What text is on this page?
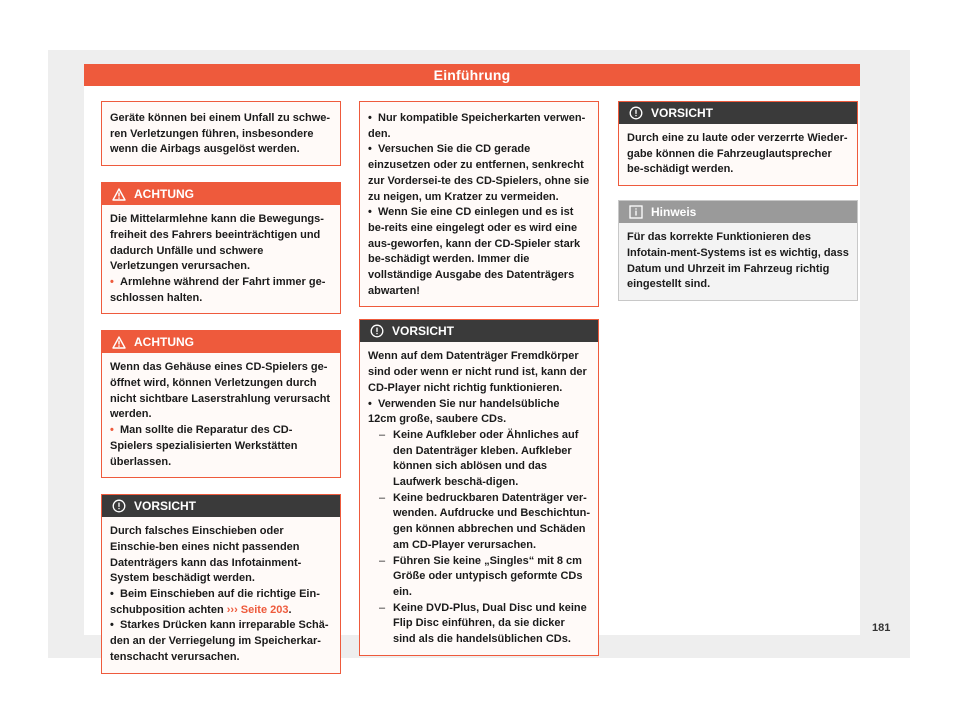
Einführung

Geräte können bei einem Unfall zu schwe-ren Verletzungen führen, insbesondere wenn die Airbags ausgelöst werden.

ACHTUNG

Die Mittelarmlehne kann die Bewegungs-freiheit des Fahrers beeinträchtigen und dadurch Unfälle und schwere Verletzungen verursachen.

• Armlehne während der Fahrt immer ge-schlossen halten.
ACHTUNG

Wenn das Gehäuse eines CD-Spielers ge-öffnet wird, können Verletzungen durch nicht sichtbare Laserstrahlung verursacht werden.

• Man sollte die Reparatur des CD-Spielers spezialisierten Werkstätten überlassen.
VORSICHT

Durch falsches Einschieben oder Einschie-ben eines nicht passenden Datenträgers kann das Infotainment-System beschädigt werden.

• Beim Einschieben auf die richtige Ein-schubposition achten ››› Seite 203.
• Starkes Drücken kann irreparable Schä-den an der Verriegelung im Speicherkar-tenschacht verursachen.
• Nur kompatible Speicherkarten verwen-den.
• Versuchen Sie die CD gerade einzusetzen oder zu entfernen, senkrecht zur Vordersei-te des CD-Spielers, ohne sie zu neigen, um Kratzer zu vermeiden.
• Wenn Sie eine CD einlegen und es ist be-reits eine eingelegt oder es wird eine aus-geworfen, kann der CD-Spieler stark be-schädigt werden. Immer die vollständige Ausgabe des Datenträgers abwarten!
VORSICHT

Wenn auf dem Datenträger Fremdkörper sind oder wenn er nicht rund ist, kann der CD-Player nicht richtig funktionieren.

• Verwenden Sie nur handelsübliche 12cm große, saubere CDs.
– Keine Aufkleber oder Ähnliches auf den Datenträger kleben. Aufkleber können sich ablösen und das Laufwerk beschä-digen.
– Keine bedruckbaren Datenträger ver-wenden. Aufdrucke und Beschichtun-gen können abbrechen und Schäden am CD-Player verursachen.
– Führen Sie keine „Singles“ mit 8 cm Größe oder untypisch geformte CDs ein.
– Keine DVD-Plus, Dual Disc und keine Flip Disc einführen, da sie dicker sind als die handelsüblichen CDs.
VORSICHT

Durch eine zu laute oder verzerrte Wieder-gabe können die Fahrzeuglautsprecher be-schädigt werden.

Hinweis

Für das korrekte Funktionieren des Infotain-ment-Systems ist es wichtig, dass Datum und Uhrzeit im Fahrzeug richtig eingestellt sind.

181
